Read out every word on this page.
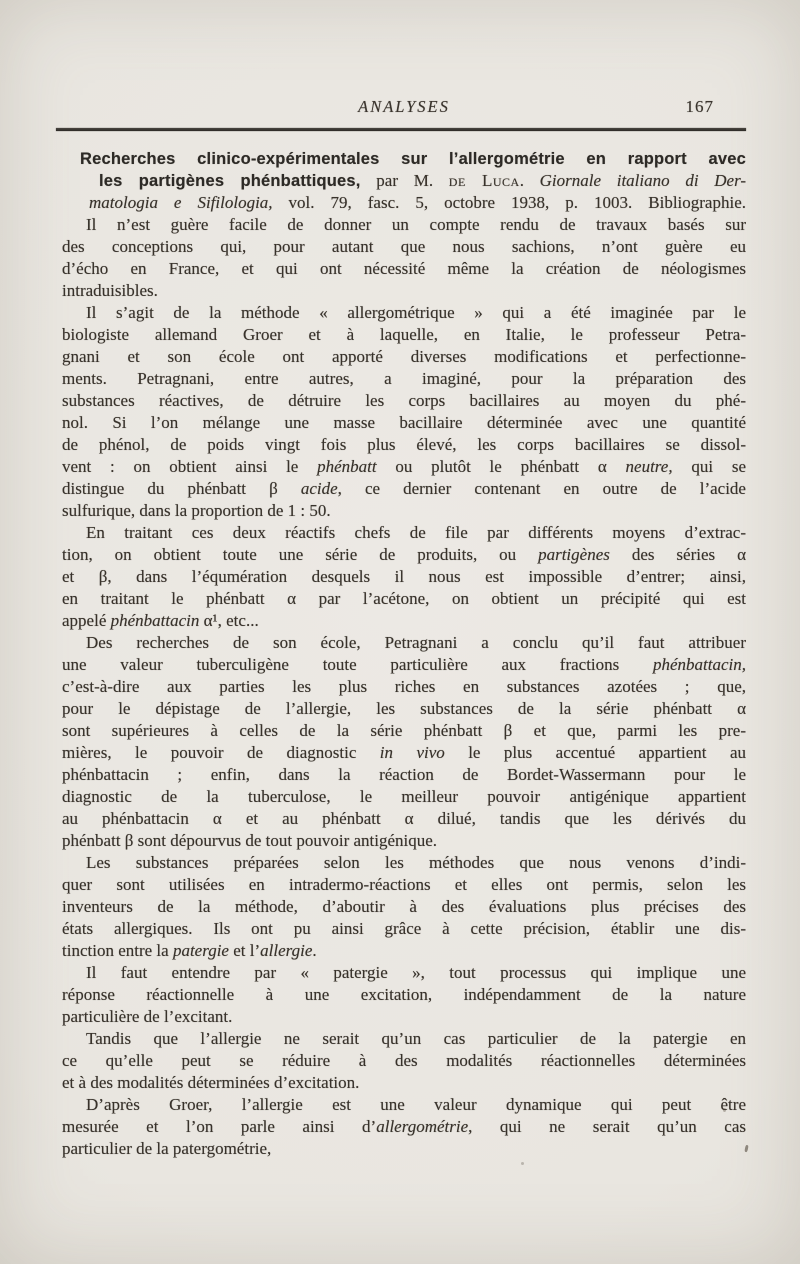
ANALYSES	167
Recherches clinico-expérimentales sur l’allergométrie en rapport avec
les partigènes phénbattiques, par M. de Luca. Giornale italiano di Der-
matologia e Sifilologia, vol. 79, fasc. 5, octobre 1938, p. 1003. Bibliographie.
Il n’est guère facile de donner un compte rendu de travaux basés sur
des conceptions qui, pour autant que nous sachions, n’ont guère eu
d’écho en France, et qui ont nécessité même la création de néologismes
intraduisibles.
Il s’agit de la méthode « allergométrique » qui a été imaginée par le
biologiste allemand Groer et à laquelle, en Italie, le professeur Petra-
gnani et son école ont apporté diverses modifications et perfectionne-
ments. Petragnani, entre autres, a imaginé, pour la préparation des
substances réactives, de détruire les corps bacillaires au moyen du phé-
nol. Si l’on mélange une masse bacillaire déterminée avec une quantité
de phénol, de poids vingt fois plus élevé, les corps bacillaires se dissol-
vent : on obtient ainsi le phénbatt ou plutôt le phénbatt α neutre, qui se
distingue du phénbatt β acide, ce dernier contenant en outre de l’acide
sulfurique, dans la proportion de 1 : 50.
En traitant ces deux réactifs chefs de file par différents moyens d’extrac-
tion, on obtient toute une série de produits, ou partigènes des séries α
et β, dans l’équmération desquels il nous est impossible d’entrer; ainsi,
en traitant le phénbatt α par l’acétone, on obtient un précipité qui est
appelé phénbattacin α¹, etc...
Des recherches de son école, Petragnani a conclu qu’il faut attribuer
une valeur tuberculigène toute particulière aux fractions phénbattacin,
c’est-à-dire aux parties les plus riches en substances azotées ; que,
pour le dépistage de l’allergie, les substances de la série phénbatt α
sont supérieures à celles de la série phénbatt β et que, parmi les pre-
mières, le pouvoir de diagnostic in vivo le plus accentué appartient au
phénbattacin ; enfin, dans la réaction de Bordet-Wassermann pour le
diagnostic de la tuberculose, le meilleur pouvoir antigénique appartient
au phénbattacin α et au phénbatt α dilué, tandis que les dérivés du
phénbatt β sont dépourvus de tout pouvoir antigénique.
Les substances préparées selon les méthodes que nous venons d’indi-
quer sont utilisées en intradermo-réactions et elles ont permis, selon les
inventeurs de la méthode, d’aboutir à des évaluations plus précises des
états allergiques. Ils ont pu ainsi grâce à cette précision, établir une dis-
tinction entre la patergie et l’allergie.
Il faut entendre par « patergie », tout processus qui implique une
réponse réactionnelle à une excitation, indépendamment de la nature
particulière de l’excitant.
Tandis que l’allergie ne serait qu’un cas particulier de la patergie en
ce qu’elle peut se réduire à des modalités réactionnelles déterminées
et à des modalités déterminées d’excitation.
D’après Groer, l’allergie est une valeur dynamique qui peut être
mesurée et l’on parle ainsi d’allergométrie, qui ne serait qu’un cas
particulier de la patergométrie,
